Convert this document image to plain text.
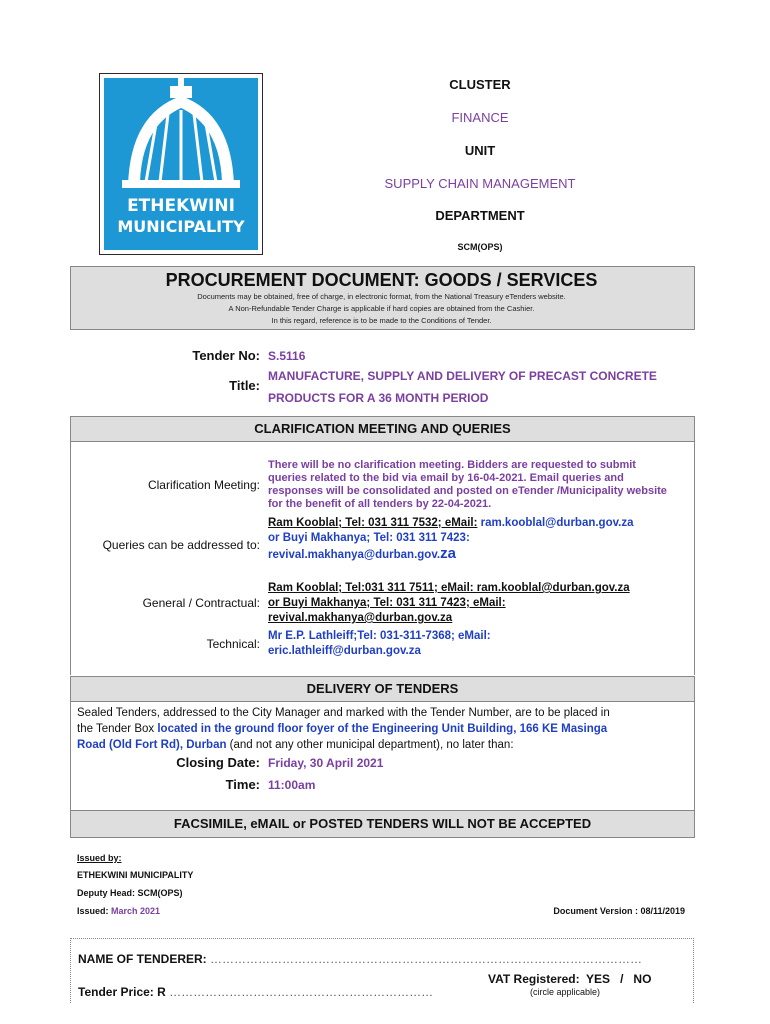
ETHEKWINI
MUNICIPALITY
CLUSTER
FINANCE
UNIT
SUPPLY CHAIN MANAGEMENT
DEPARTMENT
SCM(OPS)
PROCUREMENT DOCUMENT: GOODS / SERVICES
Documents may be obtained, free of charge, in electronic format, from the National Treasury eTenders website.
A Non-Refundable Tender Charge is applicable if hard copies are obtained from the Cashier.
In this regard, reference is to be made to the Conditions of Tender.
Tender No: S.5116
Title:
MANUFACTURE, SUPPLY AND DELIVERY OF PRECAST CONCRETE
PRODUCTS FOR A 36 MONTH PERIOD
CLARIFICATION MEETING AND QUERIES
Clarification Meeting:
There will be no clarification meeting. Bidders are requested to submit
queries related to the bid via email by 16-04-2021. Email queries and
responses will be consolidated and posted on eTender /Municipality website
for the benefit of all tenders by 22-04-2021.
Queries can be addressed to:
Ram Kooblal; Tel: 031 311 7532; eMail: ram.kooblal@durban.gov.za
or Buyi Makhanya; Tel: 031 311 7423:
revival.makhanya@durban.gov.za
General / Contractual:
Ram Kooblal; Tel:031 311 7511; eMail: ram.kooblal@durban.gov.za
or Buyi Makhanya; Tel: 031 311 7423; eMail:
revival.makhanya@durban.gov.za
Technical:
Mr E.P. Lathleiff;Tel: 031-311-7368; eMail:
eric.lathleiff@durban.gov.za
DELIVERY OF TENDERS
Sealed Tenders, addressed to the City Manager and marked with the Tender Number, are to be placed in
the Tender Box located in the ground floor foyer of the Engineering Unit Building, 166 KE Masinga
Road (Old Fort Rd), Durban (and not any other municipal department), no later than:
Closing Date: Friday, 30 April 2021
Time: 11:00am
FACSIMILE, eMAIL or POSTED TENDERS WILL NOT BE ACCEPTED
Issued by:
ETHEKWINI MUNICIPALITY
Deputy Head: SCM(OPS)
Issued: March 2021	Document Version : 08/11/2019
NAME OF TENDERER: ………………………………………………………………………………………………
VAT Registered: YES / NO
(circle applicable)
Tender Price: R …………………………………………………………
